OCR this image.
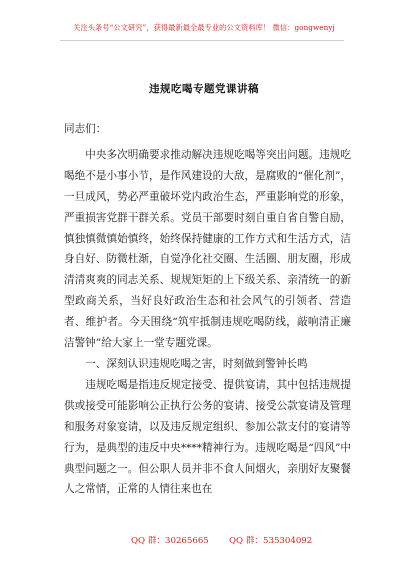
关注头条号“公文研究”，获得最新最全最专业的公文资料库！ 微信：gongwenyj
违规吃喝专题党课讲稿

同志们：

中央多次明确要求推动解决违规吃喝等突出问题。违规吃喝绝不是小事小节，是作风建设的大敌，是腐败的“催化剂”，一旦成风，势必严重破坏党内政治生态，严重影响党的形象，严重损害党群干群关系。党员干部要时刻自重自省自警自励，慎独慎微慎始慎终，始终保持健康的工作方式和生活方式，洁身自好、防微杜渐，自觉净化社交圈、生活圈、朋友圈，形成清清爽爽的同志关系、规规矩矩的上下级关系、亲清统一的新型政商关系，当好良好政治生态和社会风气的引领者、营造者、维护者。今天围绕“筑牢抵制违规吃喝防线，敲响清正廉洁警钟”给大家上一堂专题党课。

一、深刻认识违规吃喝之害，时刻做到警钟长鸣

违规吃喝是指违反规定接受、提供宴请，其中包括违规提供或接受可能影响公正执行公务的宴请、接受公款宴请及管理和服务对象宴请，以及违反规定组织、参加公款支付的宴请等行为，是典型的违反中央****精神行为。违规吃喝是“四风”中典型问题之一。但公职人员并非不食人间烟火，亲朋好友聚餐人之常情，正常的人情往来也在

QQ 群：30265665 QQ 群：535304092
